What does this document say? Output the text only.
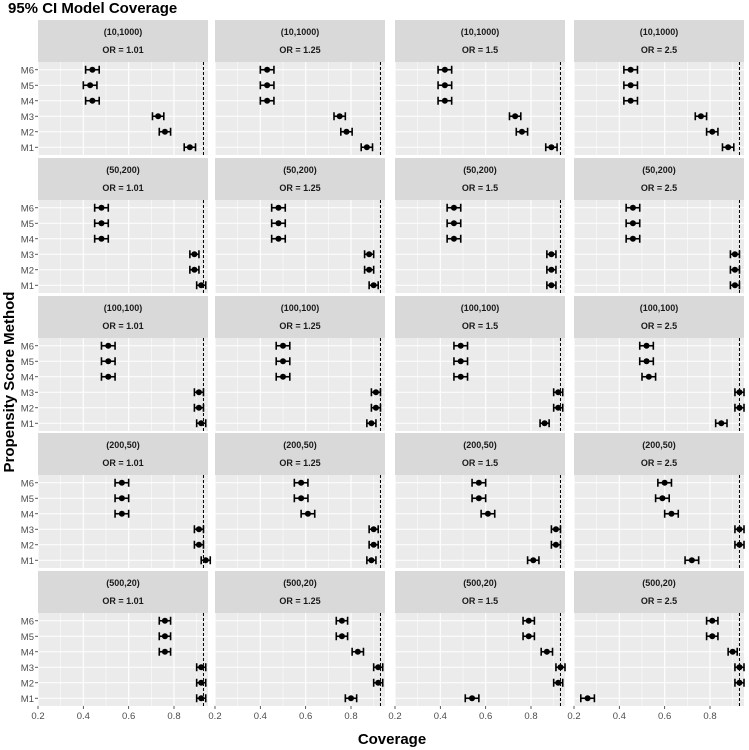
95% CI Model Coverage
Coverage
Propensity Score Method
(10,1000)
OR = 1.01
M1
M2
M3
M4
M5
M6
(10,1000)
OR = 1.25
(10,1000)
OR = 1.5
(10,1000)
OR = 2.5
(50,200)
OR = 1.01
M1
M2
M3
M4
M5
M6
(50,200)
OR = 1.25
(50,200)
OR = 1.5
(50,200)
OR = 2.5
(100,100)
OR = 1.01
M1
M2
M3
M4
M5
M6
(100,100)
OR = 1.25
(100,100)
OR = 1.5
(100,100)
OR = 2.5
(200,50)
OR = 1.01
M1
M2
M3
M4
M5
M6
(200,50)
OR = 1.25
(200,50)
OR = 1.5
(200,50)
OR = 2.5
(500,20)
OR = 1.01
M1
M2
M3
M4
M5
M6
(500,20)
OR = 1.25
(500,20)
OR = 1.5
(500,20)
OR = 2.5
0.2	0.4	0.6	0.8	0.2	0.4	0.6	0.8	0.2	0.4	0.6	0.8	0.2	0.4	0.6	0.8
